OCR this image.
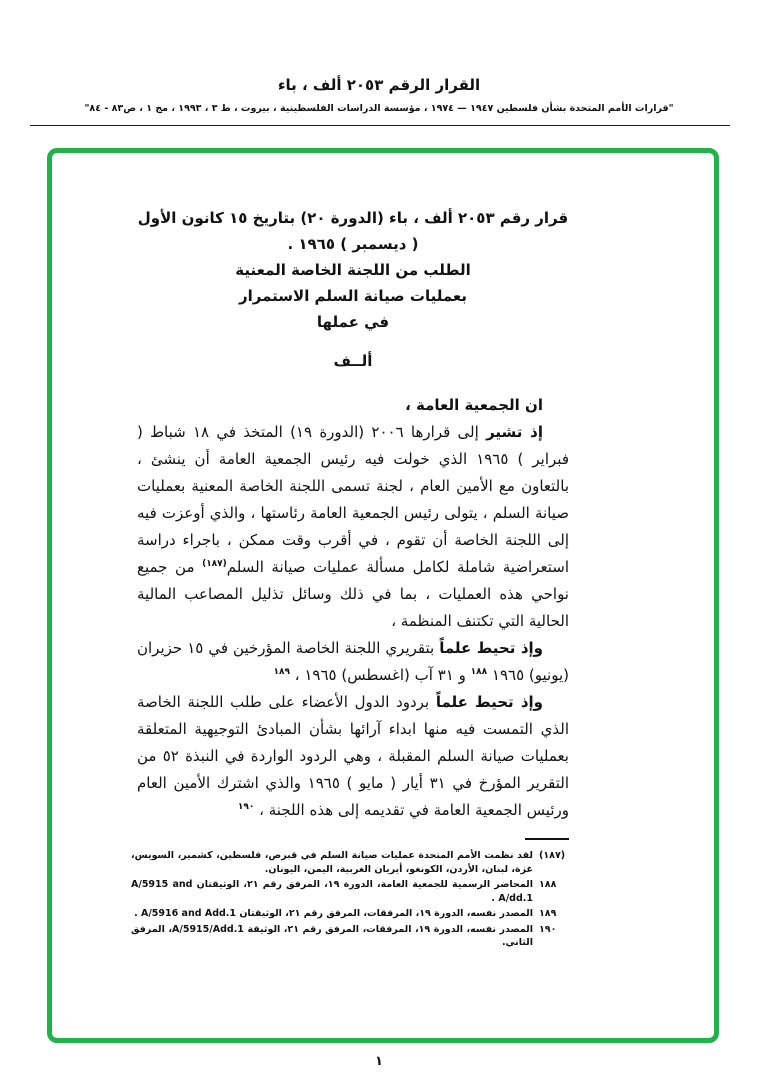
القرار الرقم ٢٠٥٣ ألف ، باء
"قرارات الأمم المتحدة بشأن فلسطين ١٩٤٧ — ١٩٧٤ ، مؤسسة الدراسات الفلسطينية ، بيروت ، ط ٣ ، ١٩٩٣ ، مج ١ ، ص٨٣ - ٨٤"
قرار رقم ٢٠٥٣ ألف ، باء (الدورة ٢٠) بتاريخ ١٥ كانون الأول
( ديسمبر ) ١٩٦٥ .
الطلب من اللجنة الخاصة المعنية
بعمليات صيانة السلم الاستمرار
في عملها
ألــف

ان الجمعية العامة ،

إذ تشير إلى قرارها ٢٠٠٦ (الدورة ١٩) المتخذ في ١٨ شباط ( فبراير ) ١٩٦٥ الذي خولت فيه رئيس الجمعية العامة أن ينشئ ، بالتعاون مع الأمين العام ، لجنة تسمى اللجنة الخاصة المعنية بعمليات صيانة السلم ، يتولى رئيس الجمعية العامة رئاستها ، والذي أوعزت فيه إلى اللجنة الخاصة أن تقوم ، في أقرب وقت ممكن ، باجراء دراسة استعراضية شاملة لكامل مسألة عمليات صيانة السلم$^{(١٨٧)}$ من جميع نواحي هذه العمليات ، بما في ذلك وسائل تذليل المصاعب المالية الحالية التي تكتنف المنظمة ،

وإذ تحيط علماً بتقريري اللجنة الخاصة المؤرخين في ١٥ حزيران (يونيو) ١٩٦٥ $^{١٨٨}$ و ٣١ آب (اغسطس) ١٩٦٥ ، $^{١٨٩}$

وإذ تحيط علماً بردود الدول الأعضاء على طلب اللجنة الخاصة الذي التمست فيه منها ابداء آرائها بشأن المبادئ التوجيهية المتعلقة بعمليات صيانة السلم المقبلة ، وهي الردود الواردة في النبذة ٥٢ من التقرير المؤرخ في ٣١ أيار ( مايو ) ١٩٦٥ والذي اشترك الأمين العام ورئيس الجمعية العامة في تقديمه إلى هذه اللجنة ، $^{١٩٠}$

(١٨٧)
لقد نظمت الأمم المتحدة عمليات صيانة السلم في قبرص، فلسطين، كشمير، السويس، غزة، لبنان، الأردن، الكونغو، أيريان الغربية، اليمن، اليونان.
١٨٨
المحاضر الرسمية للجمعية العامة، الدورة ١٩، المرفق رقم ٢١، الوثيقتان A/5915 and A/dd.1 .
١٨٩
المصدر نفسه، الدورة ١٩، المرفقات، المرفق رقم ٢١، الوثيقتان A/5916 and Add.1 .
١٩٠
المصدر نفسه، الدورة ١٩، المرفقات، المرفق رقم ٢١، الوثيقة A/5915/Add.1، المرفق الثاني.
١
